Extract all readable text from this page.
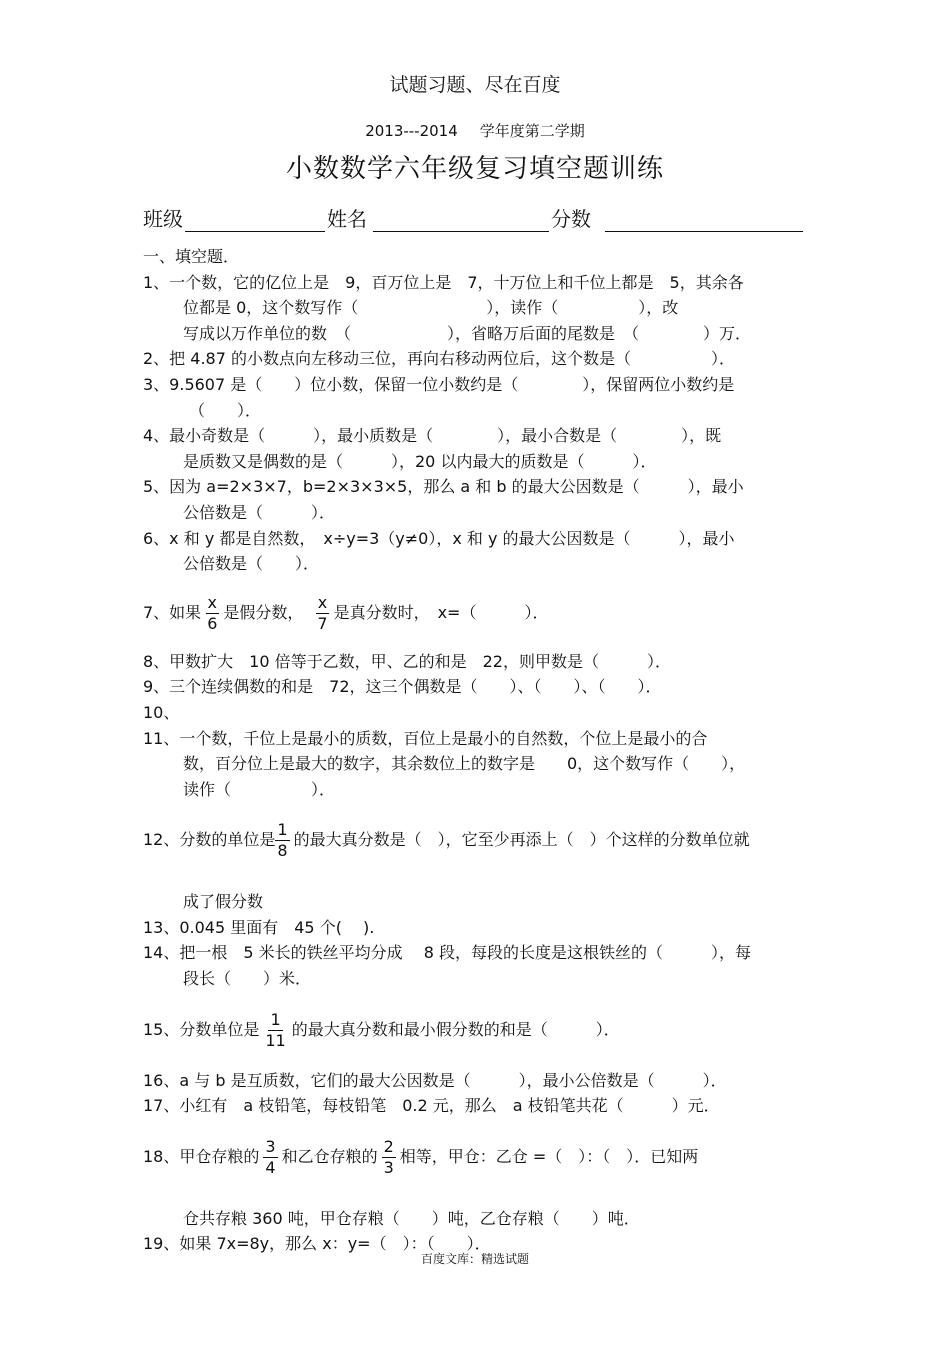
试题习题、尽在百度
2013---2014 学年度第二学期
小数数学六年级复习填空题训练
班级	姓名	分数
一、填空题．
1、一个数，它的亿位上是　9，百万位上是　7，十万位上和千位上都是　5，其余各
位都是 0，这个数写作（　　　　　　　　），读作（　　　　　），改
写成以万作单位的数　（　　　　　　），省略万后面的尾数是　（　　　　）万．
2、把 4.87 的小数点向左移动三位，再向右移动两位后，这个数是（　　　　　）．
3、9.5607 是（　　）位小数，保留一位小数约是（　　　　），保留两位小数约是
（　　）．
4、最小奇数是（　　　），最小质数是（　　　　），最小合数是（　　　　），既
是质数又是偶数的是（　　　），20 以内最大的质数是（　　　）．
5、因为 a=2×3×7，b=2×3×3×5，那么 a 和 b 的最大公因数是（　　　），最小
公倍数是（　　　）．
6、x 和 y 都是自然数，　x÷y=3（y≠0），x 和 y 的最大公因数是（　　　），最小
公倍数是（　　）．
7、如果 $\frac{x}{6}$ 是假分数， $\frac{x}{7}$ 是真分数时，　x=（　　　）．
8、甲数扩大　10 倍等于乙数，甲、乙的和是　22，则甲数是（　　　）．
9、三个连续偶数的和是　72，这三个偶数是（　　）、（　　）、（　　）．
10、
11、一个数，千位上是最小的质数，百位上是最小的自然数，个位上是最小的合
数，百分位上是最大的数字，其余数位上的数字是　　0，这个数写作（　　），
读作（　　　　　）．
12、分数的单位是 $\frac{1}{8}$ 的最大真分数是（　），它至少再添上（　）个这样的分数单位就
成了假分数
13、0.045 里面有　45 个(　 ).
14、把一根　5 米长的铁丝平均分成　 8 段，每段的长度是这根铁丝的（　　　），每
段长（　　）米．
15、分数单位是 $\frac{1}{11}$ 的最大真分数和最小假分数的和是（　　　）．
16、a 与 b 是互质数，它们的最大公因数是（　　　），最小公倍数是（　　　）．
17、小红有　a 枝铅笔，每枝铅笔　0.2 元，那么　a 枝铅笔共花（　　　）元．
18、甲仓存粮的 $\frac{3}{4}$ 和乙仓存粮的 $\frac{2}{3}$ 相等，甲仓：乙仓 =（　）：（　）．已知两
仓共存粮 360 吨，甲仓存粮（　　）吨，乙仓存粮（　　）吨．
19、如果 7x=8y，那么 x：y=（　）：（　　）．
百度文库：精选试题
